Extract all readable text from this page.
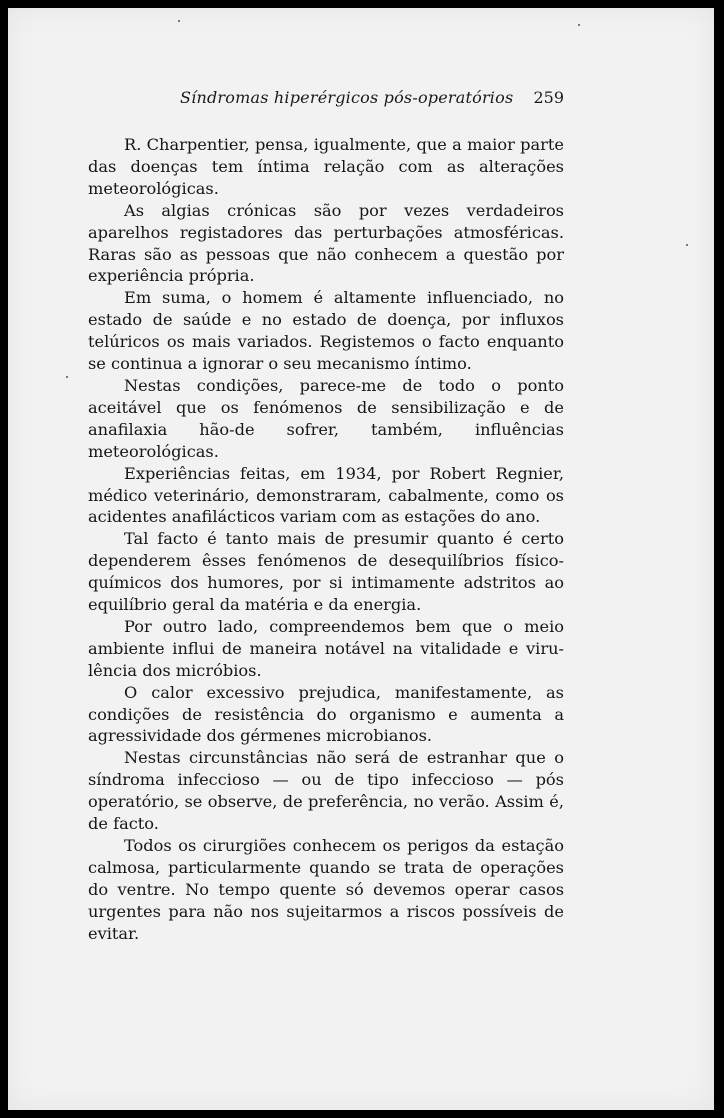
Síndromas hiperérgicos pós-operatórios 259

R. Charpentier, pensa, igualmente, que a maior parte das doenças tem íntima relação com as alterações meteorológicas.

As algias crónicas são por vezes verdadeiros aparelhos registadores das perturbações atmosféricas. Raras são as pessoas que não conhecem a questão por experiência própria.

Em suma, o homem é altamente influenciado, no estado de saúde e no estado de doença, por influxos telúricos os mais variados. Registemos o facto enquanto se continua a ignorar o seu mecanismo íntimo.

Nestas condições, parece-me de todo o ponto aceitável que os fenómenos de sensibilização e de anafilaxia hão-de sofrer, também, influências meteorológicas.

Experiências feitas, em 1934, por Robert Regnier, médico veterinário, demonstraram, cabalmente, como os acidentes anafilácticos variam com as estações do ano.

Tal facto é tanto mais de presumir quanto é certo dependerem êsses fenómenos de desequilíbrios físico-químicos dos humores, por si intimamente adstritos ao equilíbrio geral da matéria e da energia.

Por outro lado, compreendemos bem que o meio ambiente influi de maneira notável na vitalidade e virulência dos micróbios.

O calor excessivo prejudica, manifestamente, as condições de resistência do organismo e aumenta a agressividade dos gérmenes microbianos.

Nestas circunstâncias não será de estranhar que o síndroma infeccioso — ou de tipo infeccioso — pós operatório, se observe, de preferência, no verão. Assim é, de facto.

Todos os cirurgiões conhecem os perigos da estação calmosa, particularmente quando se trata de operações do ventre. No tempo quente só devemos operar casos urgentes para não nos sujeitarmos a riscos possíveis de evitar.
